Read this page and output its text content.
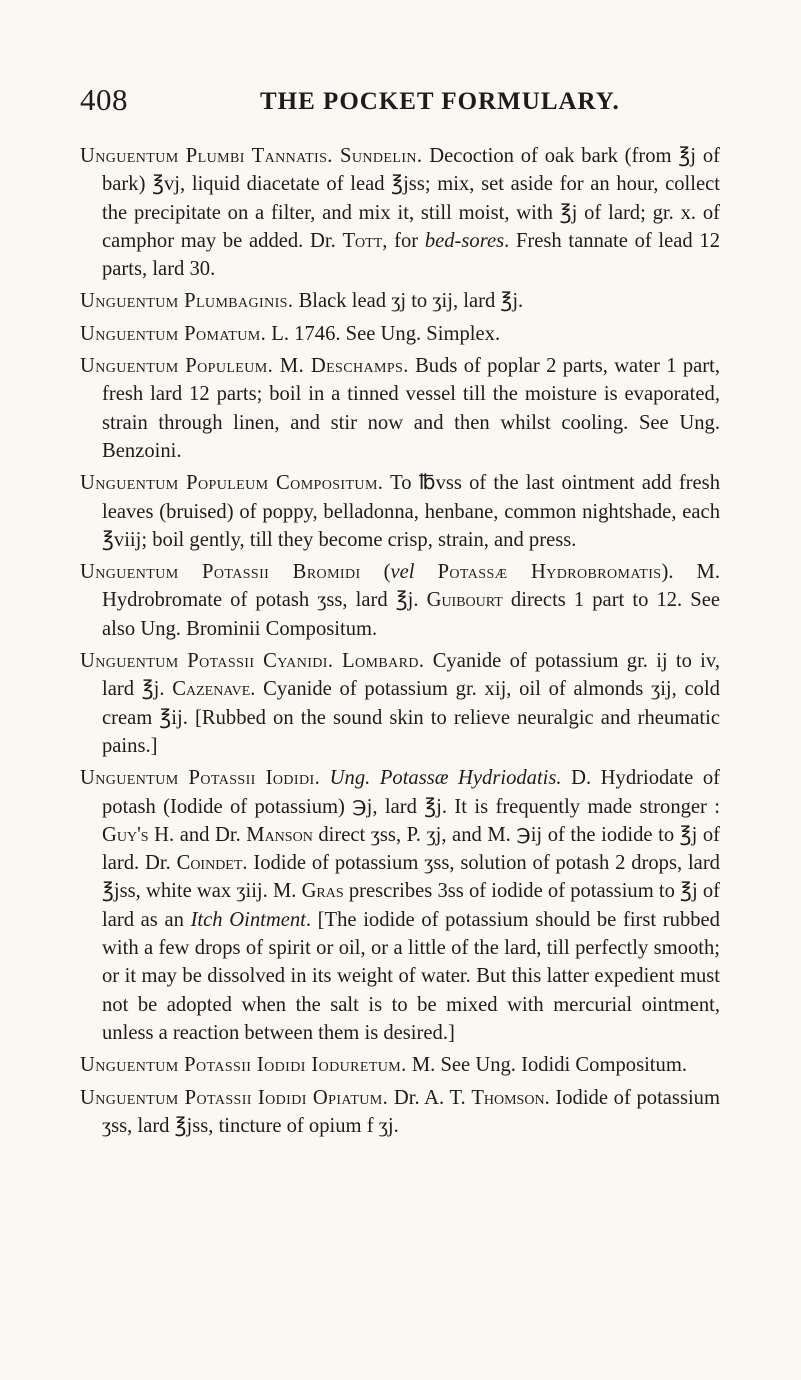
408	THE POCKET FORMULARY.

Unguentum Plumbi Tannatis. Sundelin. Decoction of oak bark (from ℥j of bark) ℥vj, liquid diacetate of lead ℥jss; mix, set aside for an hour, collect the precipitate on a filter, and mix it, still moist, with ℥j of lard; gr. x. of camphor may be added. Dr. Tott, for bed-sores. Fresh tannate of lead 12 parts, lard 30.

Unguentum Plumbaginis. Black lead ʒj to ʒij, lard ℥j.

Unguentum Pomatum. L. 1746. See Ung. Simplex.

Unguentum Populeum. M. Deschamps. Buds of poplar 2 parts, water 1 part, fresh lard 12 parts; boil in a tinned vessel till the moisture is evaporated, strain through linen, and stir now and then whilst cooling. See Ung. Benzoini.

Unguentum Populeum Compositum. To ℔vss of the last ointment add fresh leaves (bruised) of poppy, belladonna, henbane, common nightshade, each ℥viij; boil gently, till they become crisp, strain, and press.

Unguentum Potassii Bromidi (vel Potassæ Hydrobromatis). M. Hydrobromate of potash ʒss, lard ℥j. Guibourt directs 1 part to 12. See also Ung. Brominii Compositum.

Unguentum Potassii Cyanidi. Lombard. Cyanide of potassium gr. ij to iv, lard ℥j. Cazenave. Cyanide of potassium gr. xij, oil of almonds ʒij, cold cream ℥ij. [Rubbed on the sound skin to relieve neuralgic and rheumatic pains.]

Unguentum Potassii Iodidi. Ung. Potassæ Hydriodatis. D. Hydriodate of potash (Iodide of potassium) ℈j, lard ℥j. It is frequently made stronger : Guy's H. and Dr. Manson direct ʒss, P. ʒj, and M. ℈ij of the iodide to ℥j of lard. Dr. Coindet. Iodide of potassium ʒss, solution of potash 2 drops, lard ℥jss, white wax ʒiij. M. Gras prescribes 3ss of iodide of potassium to ℥j of lard as an Itch Ointment. [The iodide of potassium should be first rubbed with a few drops of spirit or oil, or a little of the lard, till perfectly smooth; or it may be dissolved in its weight of water. But this latter expedient must not be adopted when the salt is to be mixed with mercurial ointment, unless a reaction between them is desired.]

Unguentum Potassii Iodidi Ioduretum. M. See Ung. Iodidi Compositum.

Unguentum Potassii Iodidi Opiatum. Dr. A. T. Thomson. Iodide of potassium ʒss, lard ℥jss, tincture of opium f ʒj.
